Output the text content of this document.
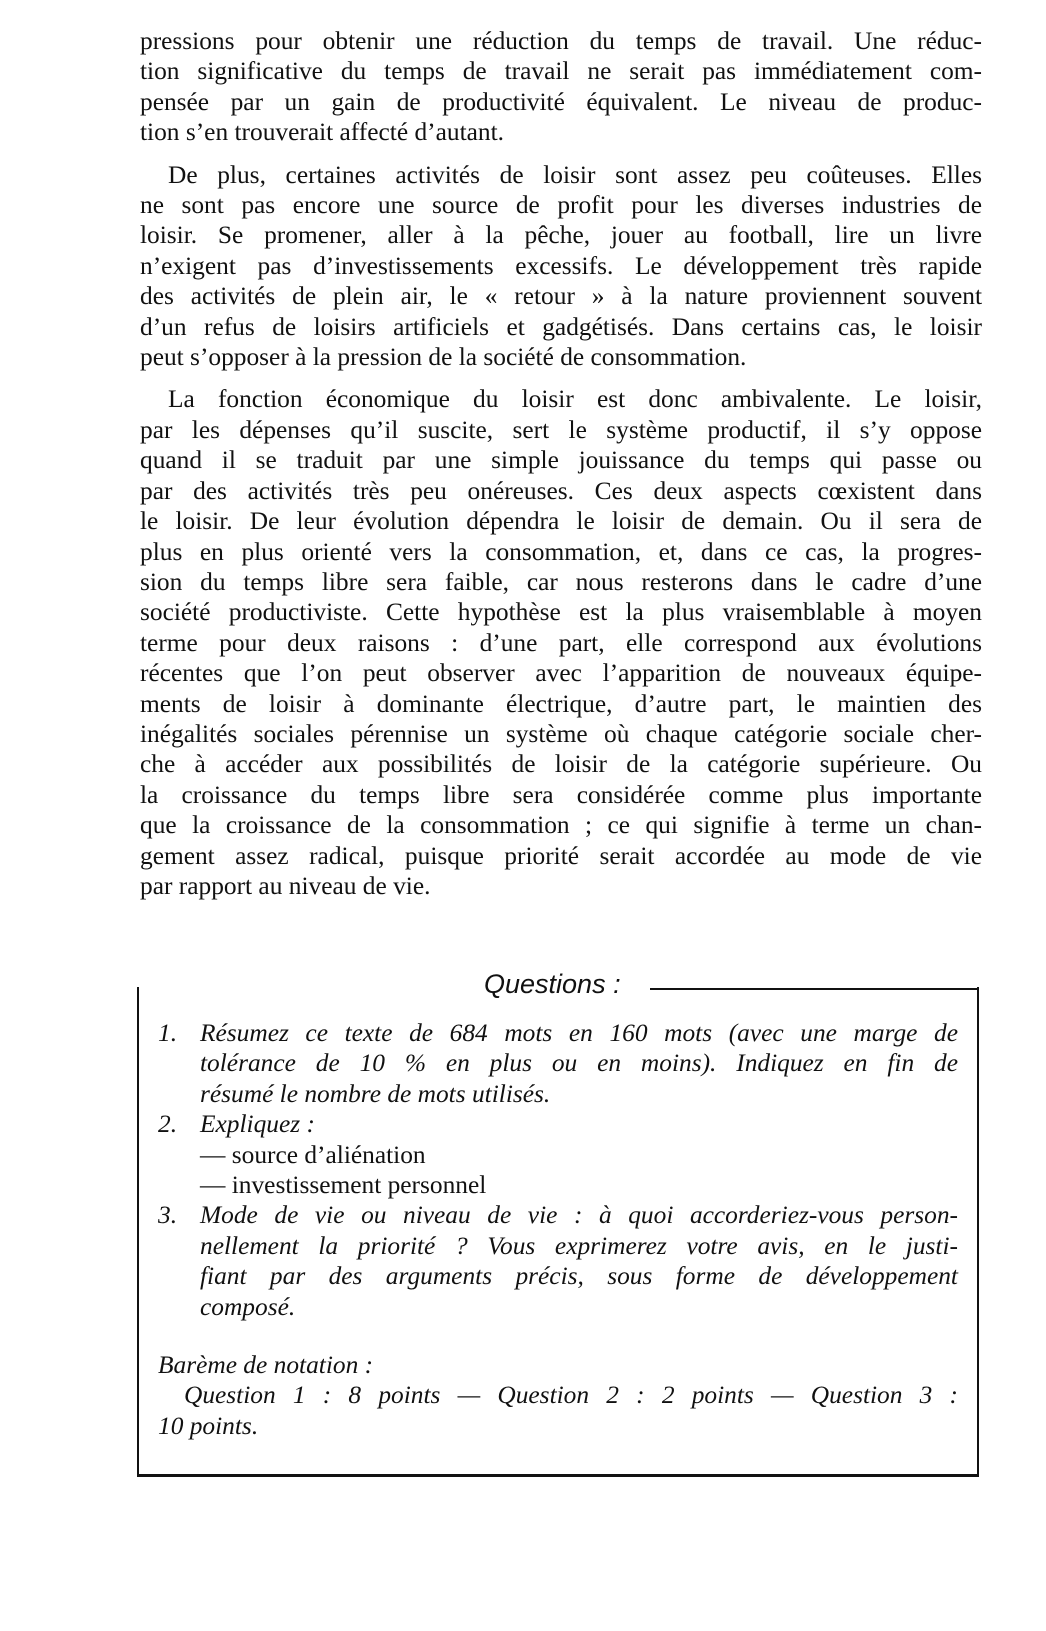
pressions pour obtenir une réduction du temps de travail. Une réduc-
tion significative du temps de travail ne serait pas immédiatement com-
pensée par un gain de productivité équivalent. Le niveau de produc-
tion s’en trouverait affecté d’autant.

De plus, certaines activités de loisir sont assez peu coûteuses. Elles
ne sont pas encore une source de profit pour les diverses industries de
loisir. Se promener, aller à la pêche, jouer au football, lire un livre
n’exigent pas d’investissements excessifs. Le développement très rapide
des activités de plein air, le « retour » à la nature proviennent souvent
d’un refus de loisirs artificiels et gadgétisés. Dans certains cas, le loisir
peut s’opposer à la pression de la société de consommation.

La fonction économique du loisir est donc ambivalente. Le loisir,
par les dépenses qu’il suscite, sert le système productif, il s’y oppose
quand il se traduit par une simple jouissance du temps qui passe ou
par des activités très peu onéreuses. Ces deux aspects cœxistent dans
le loisir. De leur évolution dépendra le loisir de demain. Ou il sera de
plus en plus orienté vers la consommation, et, dans ce cas, la progres-
sion du temps libre sera faible, car nous resterons dans le cadre d’une
société productiviste. Cette hypothèse est la plus vraisemblable à moyen
terme pour deux raisons : d’une part, elle correspond aux évolutions
récentes que l’on peut observer avec l’apparition de nouveaux équipe-
ments de loisir à dominante électrique, d’autre part, le maintien des
inégalités sociales pérennise un système où chaque catégorie sociale cher-
che à accéder aux possibilités de loisir de la catégorie supérieure. Ou
la croissance du temps libre sera considérée comme plus importante
que la croissance de la consommation ; ce qui signifie à terme un chan-
gement assez radical, puisque priorité serait accordée au mode de vie
par rapport au niveau de vie.

Questions :
1. Résumez ce texte de 684 mots en 160 mots (avec une marge de
tolérance de 10 % en plus ou en moins). Indiquez en fin de
résumé le nombre de mots utilisés.
2. Expliquez :
— source d’aliénation
— investissement personnel
3. Mode de vie ou niveau de vie : à quoi accorderiez-vous person-
nellement la priorité ? Vous exprimerez votre avis, en le justi-
fiant par des arguments précis, sous forme de développement
composé.
Barème de notation :
Question 1 : 8 points — Question 2 : 2 points — Question 3 :
10 points.
